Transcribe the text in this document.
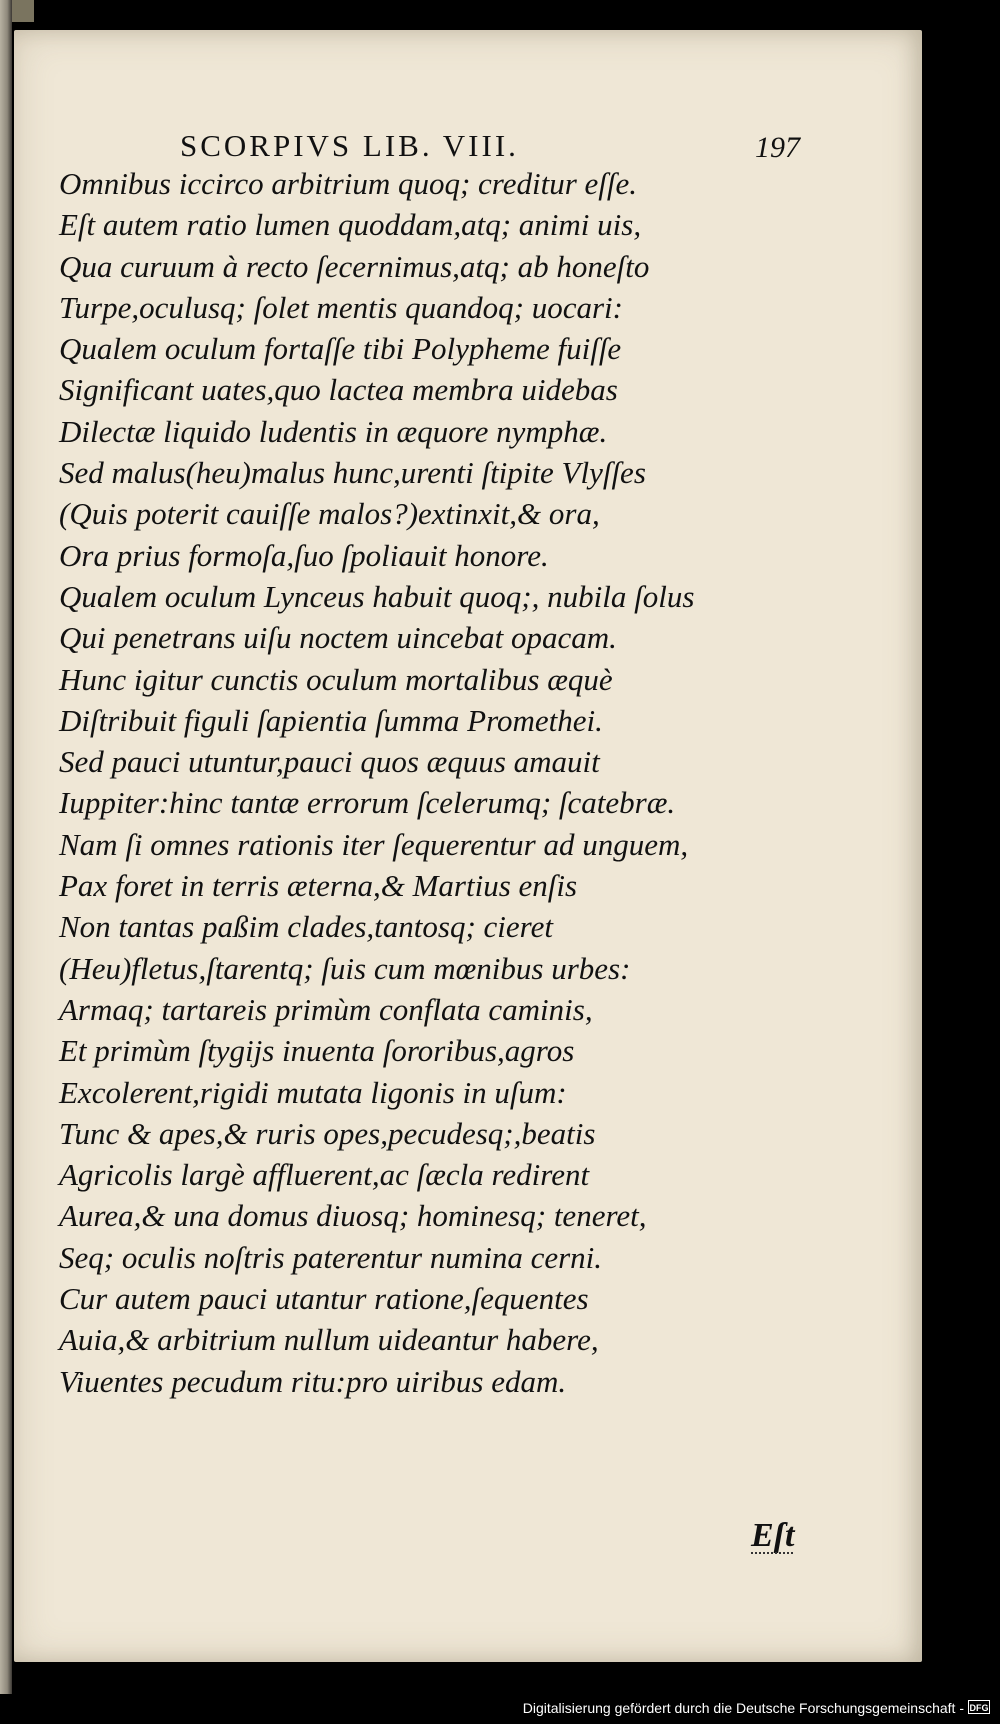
SCORPIVS LIB. VIII.	197
Omnibus iccirco arbitrium quoq; creditur eſſe.
Eſt autem ratio lumen quoddam,atq; animi uis,
Qua curuum à recto ſecernimus,atq; ab honeſto
Turpe,oculusq; ſolet mentis quandoq; uocari:
Qualem oculum fortaſſe tibi Polypheme fuiſſe
Significant uates,quo lactea membra uidebas
Dilectæ liquido ludentis in æquore nymphæ.
Sed malus(heu)malus hunc,urenti ſtipite Vlyſſes
(Quis poterit cauiſſe malos?)extinxit,& ora,
Ora prius formoſa,ſuo ſpoliauit honore.
Qualem oculum Lynceus habuit quoq;, nubila ſolus
Qui penetrans uiſu noctem uincebat opacam.
Hunc igitur cunctis oculum mortalibus æquè
Diſtribuit figuli ſapientia ſumma Promethei.
Sed pauci utuntur,pauci quos æquus amauit
Iuppiter:hinc tantæ errorum ſcelerumq; ſcatebræ.
Nam ſi omnes rationis iter ſequerentur ad unguem,
Pax foret in terris æterna,& Martius enſis
Non tantas paßim clades,tantosq; cieret
(Heu)fletus,ſtarentq; ſuis cum mœnibus urbes:
Armaq; tartareis primùm conflata caminis,
Et primùm ſtygijs inuenta ſororibus,agros
Excolerent,rigidi mutata ligonis in uſum:
Tunc & apes,& ruris opes,pecudesq;,beatis
Agricolis largè affluerent,ac ſæcla redirent
Aurea,& una domus diuosq; hominesq; teneret,
Seq; oculis noſtris paterentur numina cerni.
Cur autem pauci utantur ratione,ſequentes
Auia,& arbitrium nullum uideantur habere,
Viuentes pecudum ritu:pro uiribus edam.
Eſt
Digitalisierung gefördert durch die Deutsche Forschungsgemeinschaft - DFG
